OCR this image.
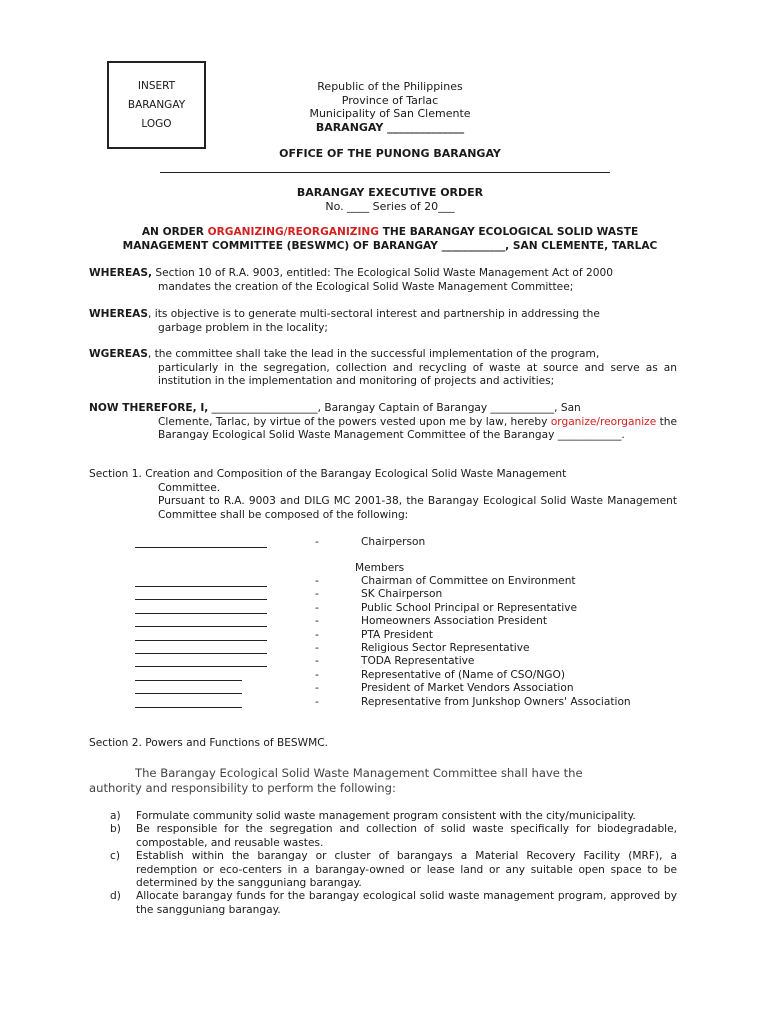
INSERT
BARANGAY
LOGO
Republic of the Philippines
Province of Tarlac
Municipality of San Clemente
BARANGAY ______________
OFFICE OF THE PUNONG BARANGAY
BARANGAY EXECUTIVE ORDER
No. ____ Series of 20___
AN ORDER ORGANIZING/REORGANIZING THE BARANGAY ECOLOGICAL SOLID WASTE
MANAGEMENT COMMITTEE (BESWMC) OF BARANGAY ____________, SAN CLEMENTE, TARLAC
WHEREAS, Section 10 of R.A. 9003, entitled: The Ecological Solid Waste Management Act of 2000
mandates the creation of the Ecological Solid Waste Management Committee;
WHEREAS, its objective is to generate multi-sectoral interest and partnership in addressing the
garbage problem in the locality;
WGEREAS, the committee shall take the lead in the successful implementation of the program,
particularly in the segregation, collection and recycling of waste at source and serve as an institution in the implementation and monitoring of projects and activities;
NOW THEREFORE, I, ____________________, Barangay Captain of Barangay ____________, San
Clemente, Tarlac, by virtue of the powers vested upon me by law, hereby organize/reorganize the Barangay Ecological Solid Waste Management Committee of the Barangay ____________.
Section 1. Creation and Composition of the Barangay Ecological Solid Waste Management
Committee.
Pursuant to R.A. 9003 and DILG MC 2001-38, the Barangay Ecological Solid Waste Management Committee shall be composed of the following:
-	Chairperson
Members
-	Chairman of Committee on Environment
-	SK Chairperson
-	Public School Principal or Representative
-	Homeowners Association President
-	PTA President
-	Religious Sector Representative
-	TODA Representative
-	Representative of (Name of CSO/NGO)
-	President of Market Vendors Association
-	Representative from Junkshop Owners' Association
Section 2. Powers and Functions of BESWMC.
The Barangay Ecological Solid Waste Management Committee shall have the
authority and responsibility to perform the following:
a)	Formulate community solid waste management program consistent with the city/municipality.
b)	Be responsible for the segregation and collection of solid waste specifically for biodegradable, compostable, and reusable wastes.
c)	Establish within the barangay or cluster of barangays a Material Recovery Facility (MRF), a redemption or eco-centers in a barangay-owned or lease land or any suitable open space to be determined by the sangguniang barangay.
d)	Allocate barangay funds for the barangay ecological solid waste management program, approved by the sangguniang barangay.
